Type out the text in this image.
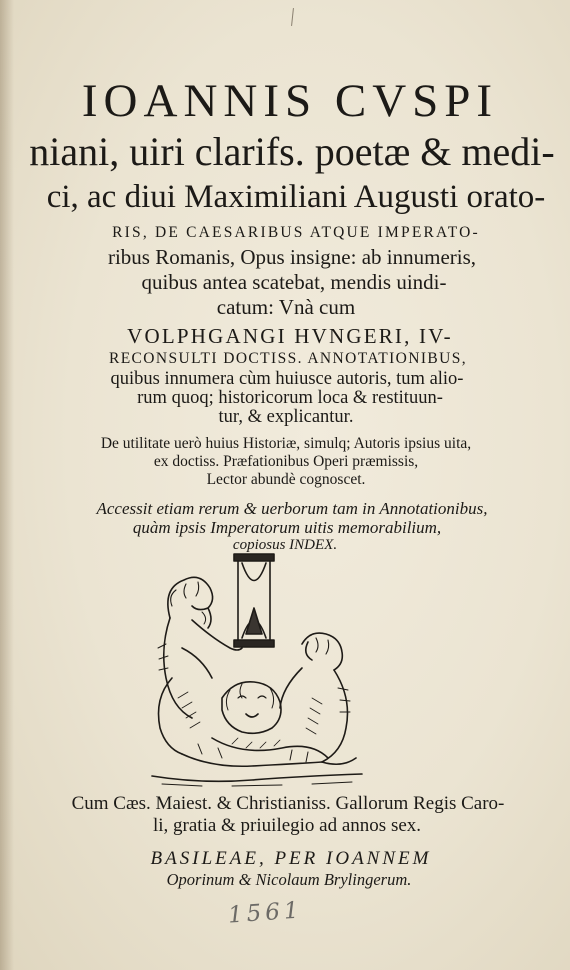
IOANNIS CVSPI
niani, uiri clarifs. poetæ & medi-
ci, ac diui Maximiliani Augusti orato-
RIS, DE CAESARIBUS ATQUE IMPERATO-
ribus Romanis, Opus insigne: ab innumeris,
quibus antea scatebat, mendis uindi-
catum: Vnà cum
VOLPHGANGI HVNGERI, IV-
RECONSULTI DOCTISS. ANNOTATIONIBUS,
quibus innumera cùm huiusce autoris, tum alio-
rum quoq; historicorum loca & restituun-
tur, & explicantur.
De utilitate uerò huius Historiæ, simulq; Autoris ipsius uita,
ex doctiss. Præfationibus Operi præmissis,
Lector abundè cognoscet.
Accessit etiam rerum & uerborum tam in Annotationibus,
quàm ipsis Imperatorum uitis memorabilium,
copiosus INDEX.
Cum Cæs. Maiest. & Christianiss. Gallorum Regis Caro-
li, gratia & priuilegio ad annos sex.
BASILEAE, PER IOANNEM
Oporinum & Nicolaum Brylingerum.
1561
